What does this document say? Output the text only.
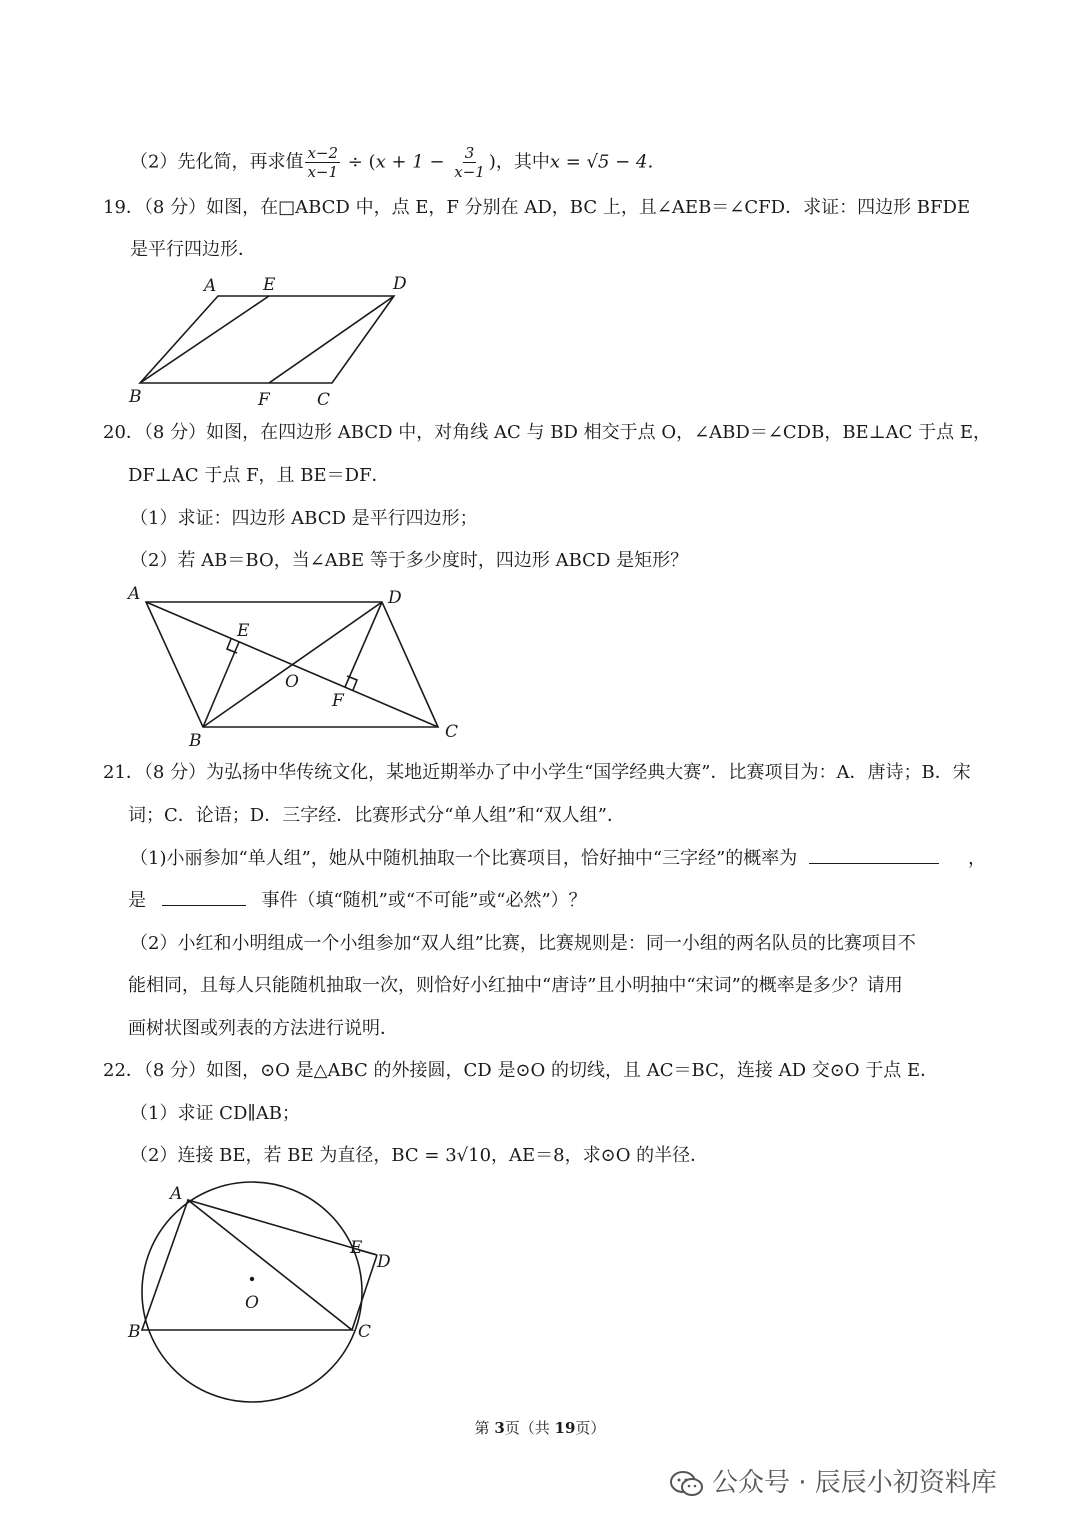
（2）先化简，再求值 $\frac{x-2}{x-1} \div (x + 1 - \frac{3}{x-1}$ )，其中x = √5 − 4．
19．（8 分）如图，在□ABCD 中，点 E，F 分别在 AD，BC 上，且∠AEB＝∠CFD．求证：四边形 BFDE
是平行四边形．
A	E	D
B	F	C
20．（8 分）如图，在四边形 ABCD 中，对角线 AC 与 BD 相交于点 O，∠ABD＝∠CDB，BE⊥AC 于点 E，
DF⊥AC 于点 F，且 BE＝DF．
（1）求证：四边形 ABCD 是平行四边形；
（2）若 AB＝BO，当∠ABE 等于多少度时，四边形 ABCD 是矩形？
A	D
E
O
F
B	C
21．（8 分）为弘扬中华传统文化，某地近期举办了中小学生“国学经典大赛”．比赛项目为：A．唐诗；B．宋
词；C．论语；D．三字经．比赛形式分“单人组”和“双人组”．
（1)小丽参加“单人组”，她从中随机抽取一个比赛项目，恰好抽中“三字经”的概率为	，
是	事件（填“随机”或“不可能”或“必然”）？
（2）小红和小明组成一个小组参加“双人组”比赛，比赛规则是：同一小组的两名队员的比赛项目不
能相同，且每人只能随机抽取一次，则恰好小红抽中“唐诗”且小明抽中“宋词”的概率是多少？请用
画树状图或列表的方法进行说明．
22．（8 分）如图，⊙O 是△ABC 的外接圆，CD 是⊙O 的切线，且 AC＝BC，连接 AD 交⊙O 于点 E．
（1）求证 CD∥AB；
（2）连接 BE，若 BE 为直径，BC = 3√10，AE＝8，求⊙O 的半径．
A
E
D
O
B	C
第 3页（共 19页）
公众号 · 辰辰小初资料库
